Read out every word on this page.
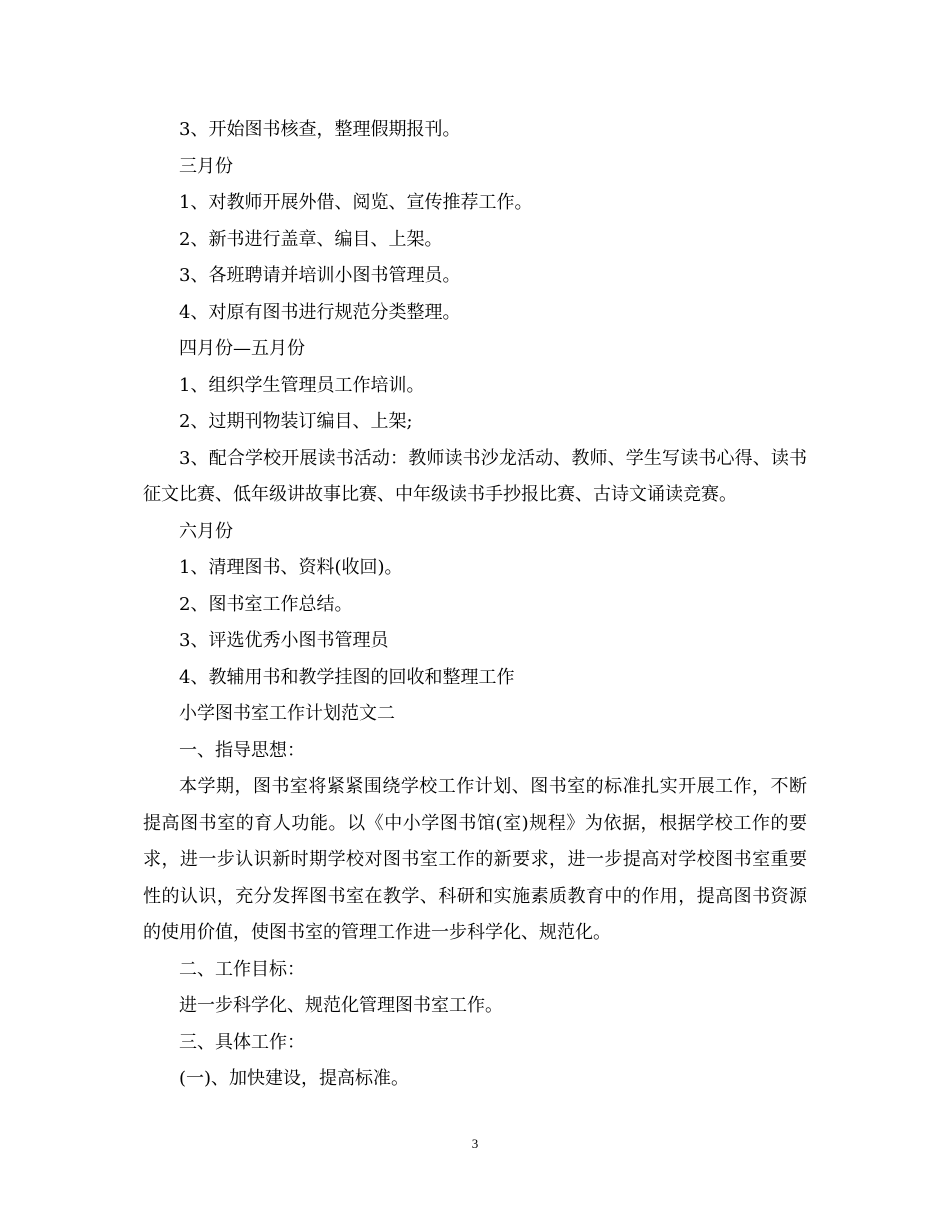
3、开始图书核查，整理假期报刊。

三月份

1、对教师开展外借、阅览、宣传推荐工作。

2、新书进行盖章、编目、上架。

3、各班聘请并培训小图书管理员。

4、对原有图书进行规范分类整理。

四月份—五月份

1、组织学生管理员工作培训。

2、过期刊物装订编目、上架;

3、配合学校开展读书活动：教师读书沙龙活动、教师、学生写读书心得、读书征文比赛、低年级讲故事比赛、中年级读书手抄报比赛、古诗文诵读竞赛。

六月份

1、清理图书、资料(收回)。

2、图书室工作总结。

3、评选优秀小图书管理员

4、教辅用书和教学挂图的回收和整理工作

小学图书室工作计划范文二

一、指导思想：

本学期，图书室将紧紧围绕学校工作计划、图书室的标准扎实开展工作，不断提高图书室的育人功能。以《中小学图书馆(室)规程》为依据，根据学校工作的要求，进一步认识新时期学校对图书室工作的新要求，进一步提高对学校图书室重要性的认识，充分发挥图书室在教学、科研和实施素质教育中的作用，提高图书资源的使用价值，使图书室的管理工作进一步科学化、规范化。

二、工作目标：

进一步科学化、规范化管理图书室工作。

三、具体工作：

(一)、加快建设，提高标准。

3
